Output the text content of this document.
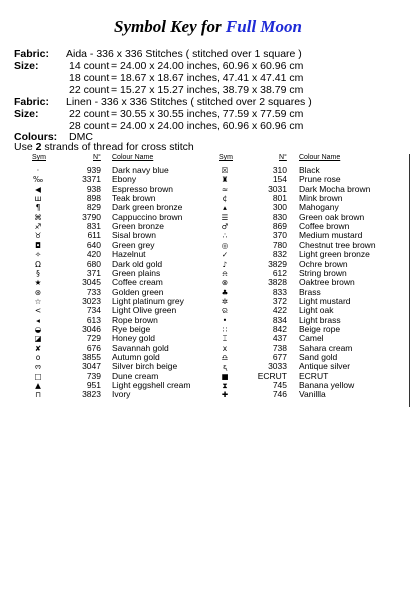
Symbol Key for Full Moon
Fabric: Aida - 336 x 336 Stitches ( stitched over 1 square )
Size:	14 count = 24.00 x 24.00 inches, 60.96 x 60.96 cm
18 count = 18.67 x 18.67 inches, 47.41 x 47.41 cm
22 count = 15.27 x 15.27 inches, 38.79 x 38.79 cm
Fabric: Linen - 336 x 336 Stitches ( stitched over 2 squares )
Size:	22 count = 30.55 x 30.55 inches, 77.59 x 77.59 cm
28 count = 24.00 x 24.00 inches, 60.96 x 60.96 cm
Colours: DMC
Use 2 strands of thread for cross stitch
Sym	N° Colour Name
·	939 Dark navy blue
‰	3371 Ebony
◀	938 Espresso brown
ш	898 Teak brown
¶	829 Dark green bronze
⌘	3790 Cappuccino brown
♐	831 Green bronze
♉	611 Sisal brown
◘	640 Green grey
✧	420 Hazelnut
Ω	680 Dark old gold
§	371 Green plains
★	3045 Coffee cream
⊛	733 Golden green
☆	3023 Light platinum grey
<	734 Light Olive green
◂	613 Rope brown
◒	3046 Rye beige
◪	729 Honey gold
✘	676 Savannah gold
o	3855 Autumn gold
ო	3047 Silver birch beige
□	739 Dune cream
▲	951 Light eggshell cream
⊓	3823 Ivory
Sym	N° Colour Name
☒	310 Black
♜	154 Prune rose
≈	3031 Dark Mocha brown
¢	801 Mink brown
▴	300 Mahogany
☰	830 Green oak brown
♂	869 Coffee brown
∴	370 Medium mustard
◎	780 Chestnut tree brown
✓	832 Light green bronze
♪	3829 Ochre brown
⍾	612 String brown
⊗	3828 Oaktree brown
♣	833 Brass
✲	372 Light mustard
ର	422 Light oak
•	834 Light brass
∷	842 Beige rope
⌶	437 Camel
x	738 Sahara cream
♎	677 Sand gold
ᶓ	3033 Antique silver
■	ECRUT ECRUT
⧗	745 Banana yellow
✚	746 Vanillla
